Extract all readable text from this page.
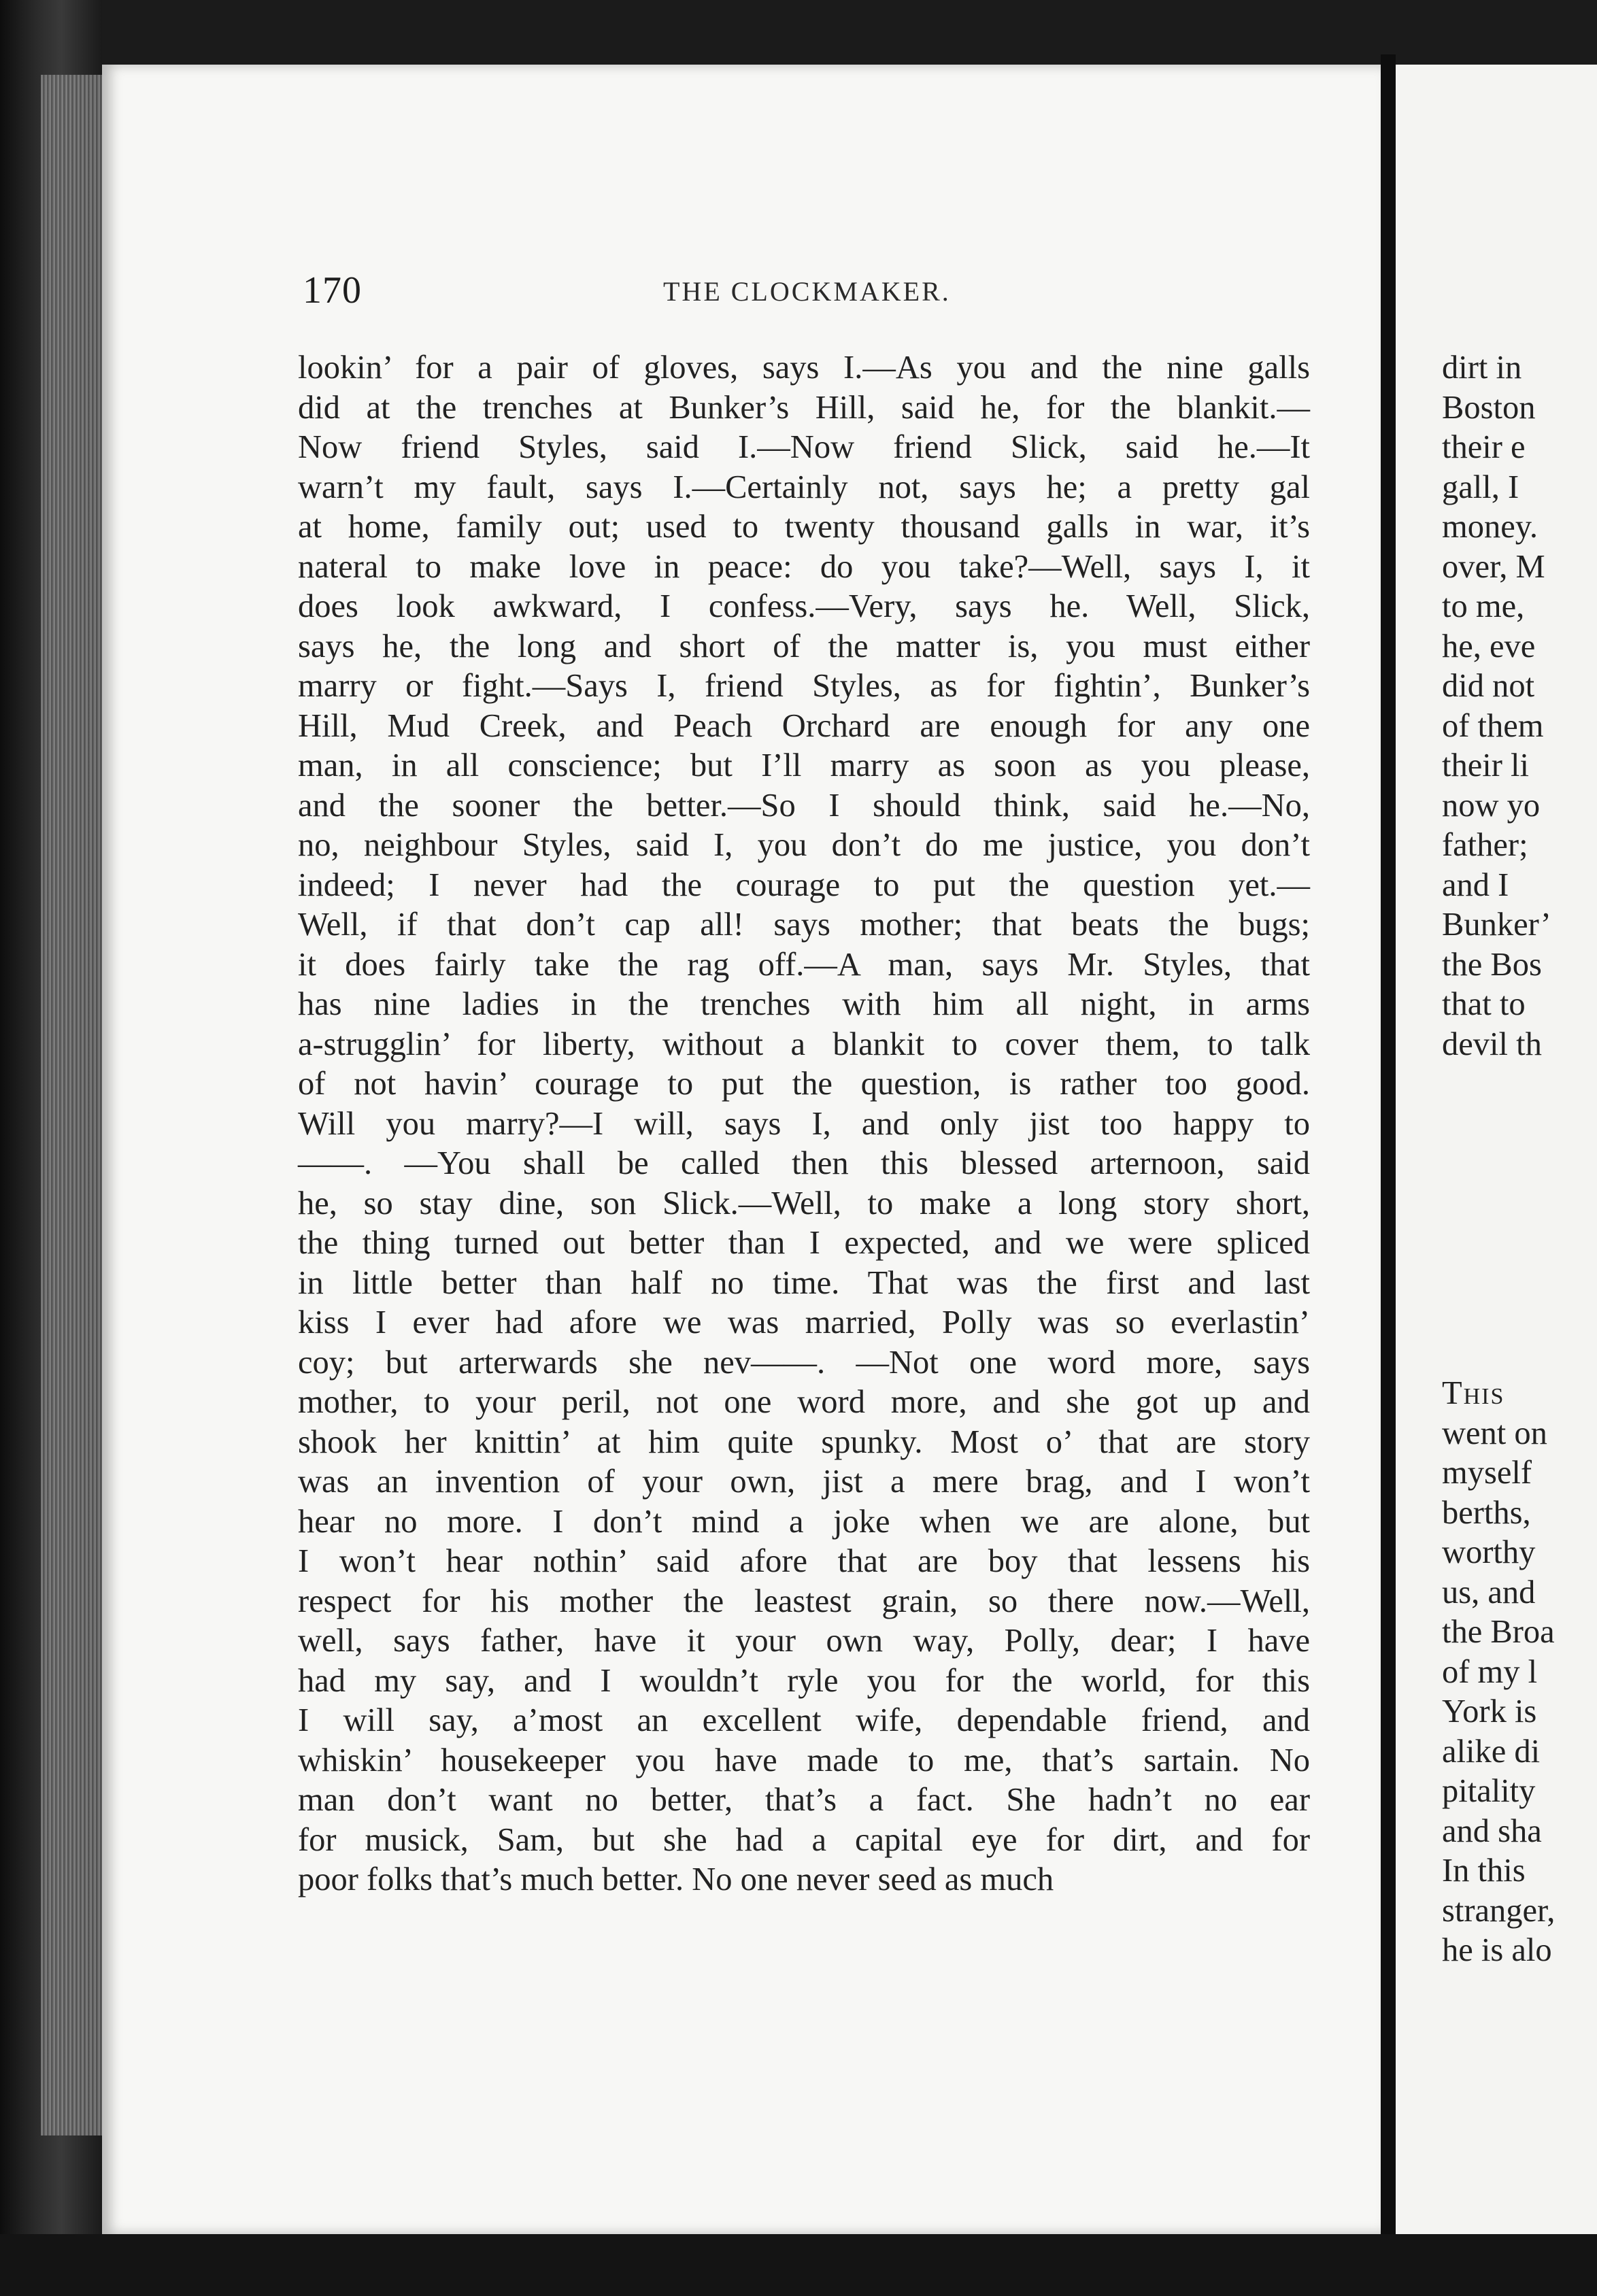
170	THE CLOCKMAKER.
lookin’ for a pair of gloves, says I.—As you and the nine galls
did at the trenches at Bunker’s Hill, said he, for the blankit.—
Now friend Styles, said I.—Now friend Slick, said he.—It
warn’t my fault, says I.—Certainly not, says he; a pretty gal
at home, family out; used to twenty thousand galls in war, it’s
nateral to make love in peace: do you take?—Well, says I, it
does look awkward, I confess.—Very, says he. Well, Slick,
says he, the long and short of the matter is, you must either
marry or fight.—Says I, friend Styles, as for fightin’, Bunker’s
Hill, Mud Creek, and Peach Orchard are enough for any one
man, in all conscience; but I’ll marry as soon as you please,
and the sooner the better.—So I should think, said he.—No,
no, neighbour Styles, said I, you don’t do me justice, you don’t
indeed; I never had the courage to put the question yet.—
Well, if that don’t cap all! says mother; that beats the bugs;
it does fairly take the rag off.—A man, says Mr. Styles, that
has nine ladies in the trenches with him all night, in arms
a-strugglin’ for liberty, without a blankit to cover them, to talk
of not havin’ courage to put the question, is rather too good.
Will you marry?—I will, says I, and only jist too happy to
——. —You shall be called then this blessed arternoon, said
he, so stay dine, son Slick.—Well, to make a long story short,
the thing turned out better than I expected, and we were spliced
in little better than half no time. That was the first and last
kiss I ever had afore we was married, Polly was so everlastin’
coy; but arterwards she nev——. —Not one word more, says
mother, to your peril, not one word more, and she got up and
shook her knittin’ at him quite spunky. Most o’ that are story
was an invention of your own, jist a mere brag, and I won’t
hear no more. I don’t mind a joke when we are alone, but
I won’t hear nothin’ said afore that are boy that lessens his
respect for his mother the leastest grain, so there now.—Well,
well, says father, have it your own way, Polly, dear; I have
had my say, and I wouldn’t ryle you for the world, for this
I will say, a’most an excellent wife, dependable friend, and
whiskin’ housekeeper you have made to me, that’s sartain. No
man don’t want no better, that’s a fact. She hadn’t no ear
for musick, Sam, but she had a capital eye for dirt, and for
poor folks that’s much better. No one never seed as much
dirt in
Boston
their e
gall, I
money.
over, M
to me,
he, eve
did not
of them
their li
now yo
father;
and I
Bunker’
the Bos
that to
devil th
This
went on
myself
berths,
worthy
us, and
the Broa
of my l
York is
alike di
pitality
and sha
In this
stranger,
he is alo
